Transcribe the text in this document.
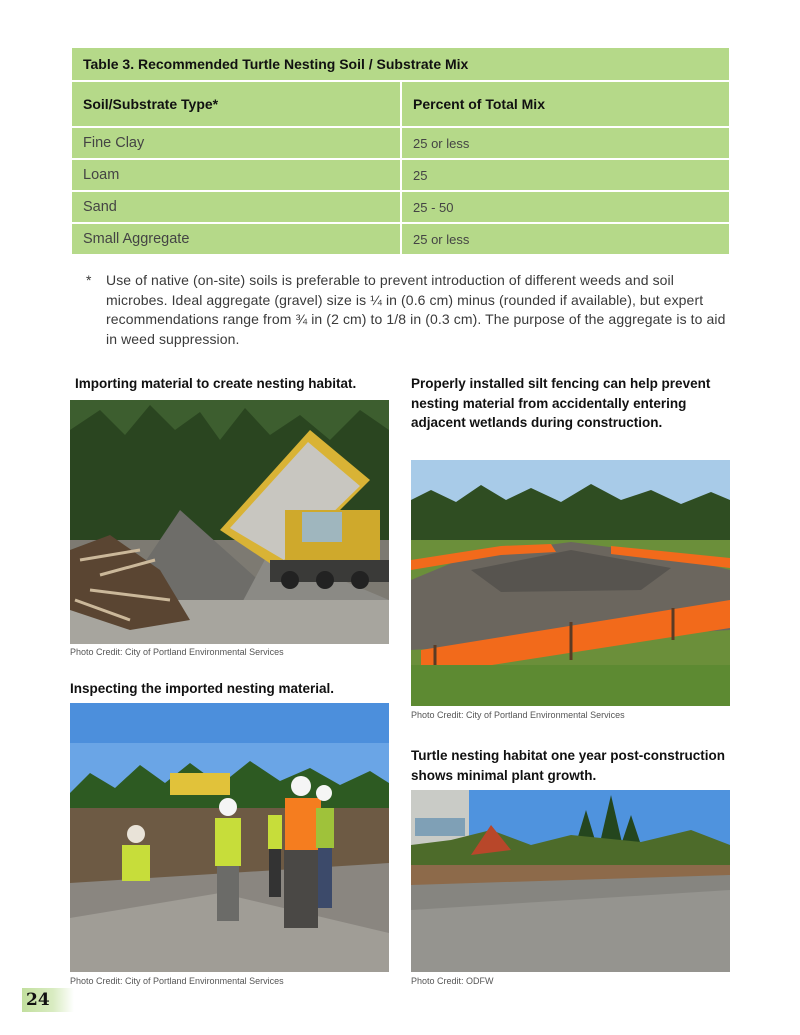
Table 3. Recommended Turtle Nesting Soil / Substrate Mix	
Soil/Substrate Type*	Percent of Total Mix
Fine Clay	25 or less
Loam	25
Sand	25 - 50
Small Aggregate	25 or less
* Use of native (on-site) soils is preferable to prevent introduction of different weeds and soil microbes. Ideal aggregate (gravel) size is ¼ in (0.6 cm) minus (rounded if available), but expert recommendations range from ¾ in (2 cm) to 1/8 in (0.3 cm). The purpose of the aggregate is to aid in weed suppression.
Importing material to create nesting habitat.
Photo Credit: City of Portland Environmental Services
Inspecting the imported nesting material.
Photo Credit: City of Portland Environmental Services
Properly installed silt fencing can help prevent nesting material from accidentally entering adjacent wetlands during construction.
Photo Credit: City of Portland Environmental Services
Turtle nesting habitat one year post-construction shows minimal plant growth.
Photo Credit: ODFW
24
